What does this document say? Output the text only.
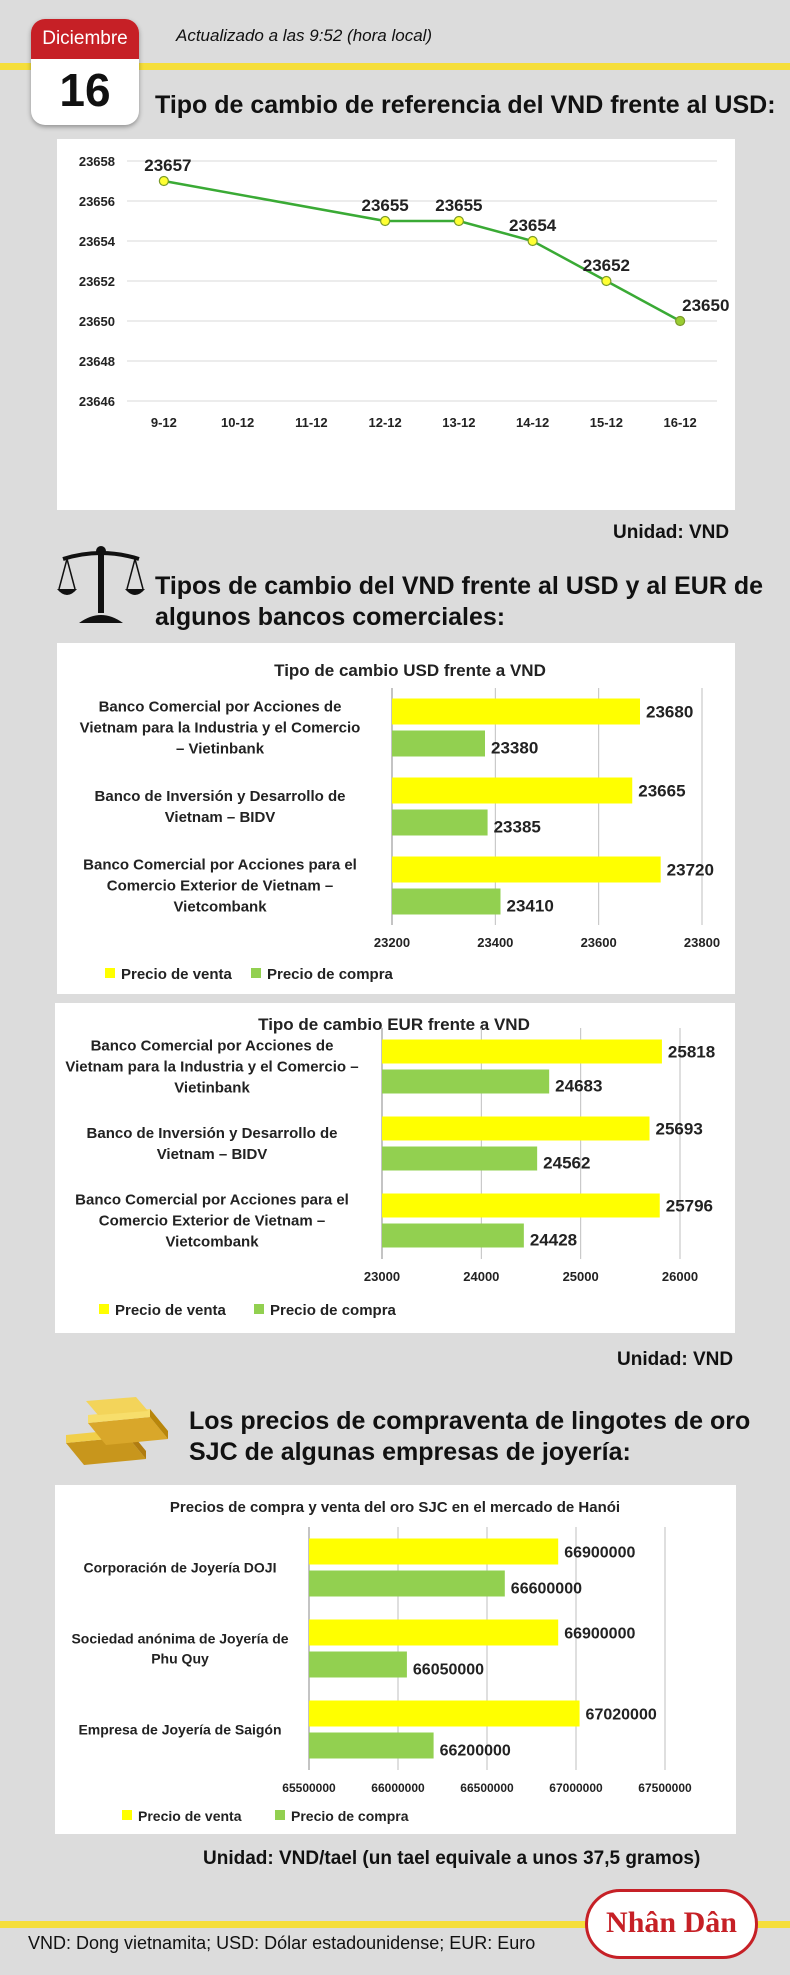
Diciembre
16
Actualizado a las 9:52 (hora local)
Tipo de cambio de referencia del VND frente al USD:
23646
23648
23650
23652
23654
23656
23658
9-12	10-12	11-12	12-12	13-12	14-12	15-12	16-12
23657
23655 23655
23654
23652
23650
Unidad: VND
Tipos de cambio del VND frente al USD y al EUR de
algunos bancos comerciales:
Tipo de cambio USD frente a VND
23200	23400	23600	23800
23680
23380
Banco Comercial por Acciones de
Vietnam para la Industria y el Comercio
– Vietinbank
23665
23385
Banco de Inversión y Desarrollo de
Vietnam – BIDV
23720
23410
Banco Comercial por Acciones para el
Comercio Exterior de Vietnam –
Vietcombank
Precio de venta Precio de compra
Tipo de cambio EUR frente a VND
23000	24000	25000	26000
25818
24683
Banco Comercial por Acciones de
Vietnam para la Industria y el Comercio –
Vietinbank
25693
24562
Banco de Inversión y Desarrollo de
Vietnam – BIDV
25796
24428
Banco Comercial por Acciones para el
Comercio Exterior de Vietnam –
Vietcombank
Precio de venta	Precio de compra
Unidad: VND
Los precios de compraventa de lingotes de oro
SJC de algunas empresas de joyería:
Precios de compra y venta del oro SJC en el mercado de Hanói
65500000	66000000	66500000	67000000	67500000
66900000
66600000
Corporación de Joyería DOJI
66900000
66050000
Sociedad anónima de Joyería de
Phu Quy
67020000
66200000
Empresa de Joyería de Saigón
Precio de venta	Precio de compra
Unidad: VND/tael (un tael equivale a unos 37,5 gramos)
VND: Dong vietnamita; USD: Dólar estadounidense; EUR: Euro
Nhân Dân
